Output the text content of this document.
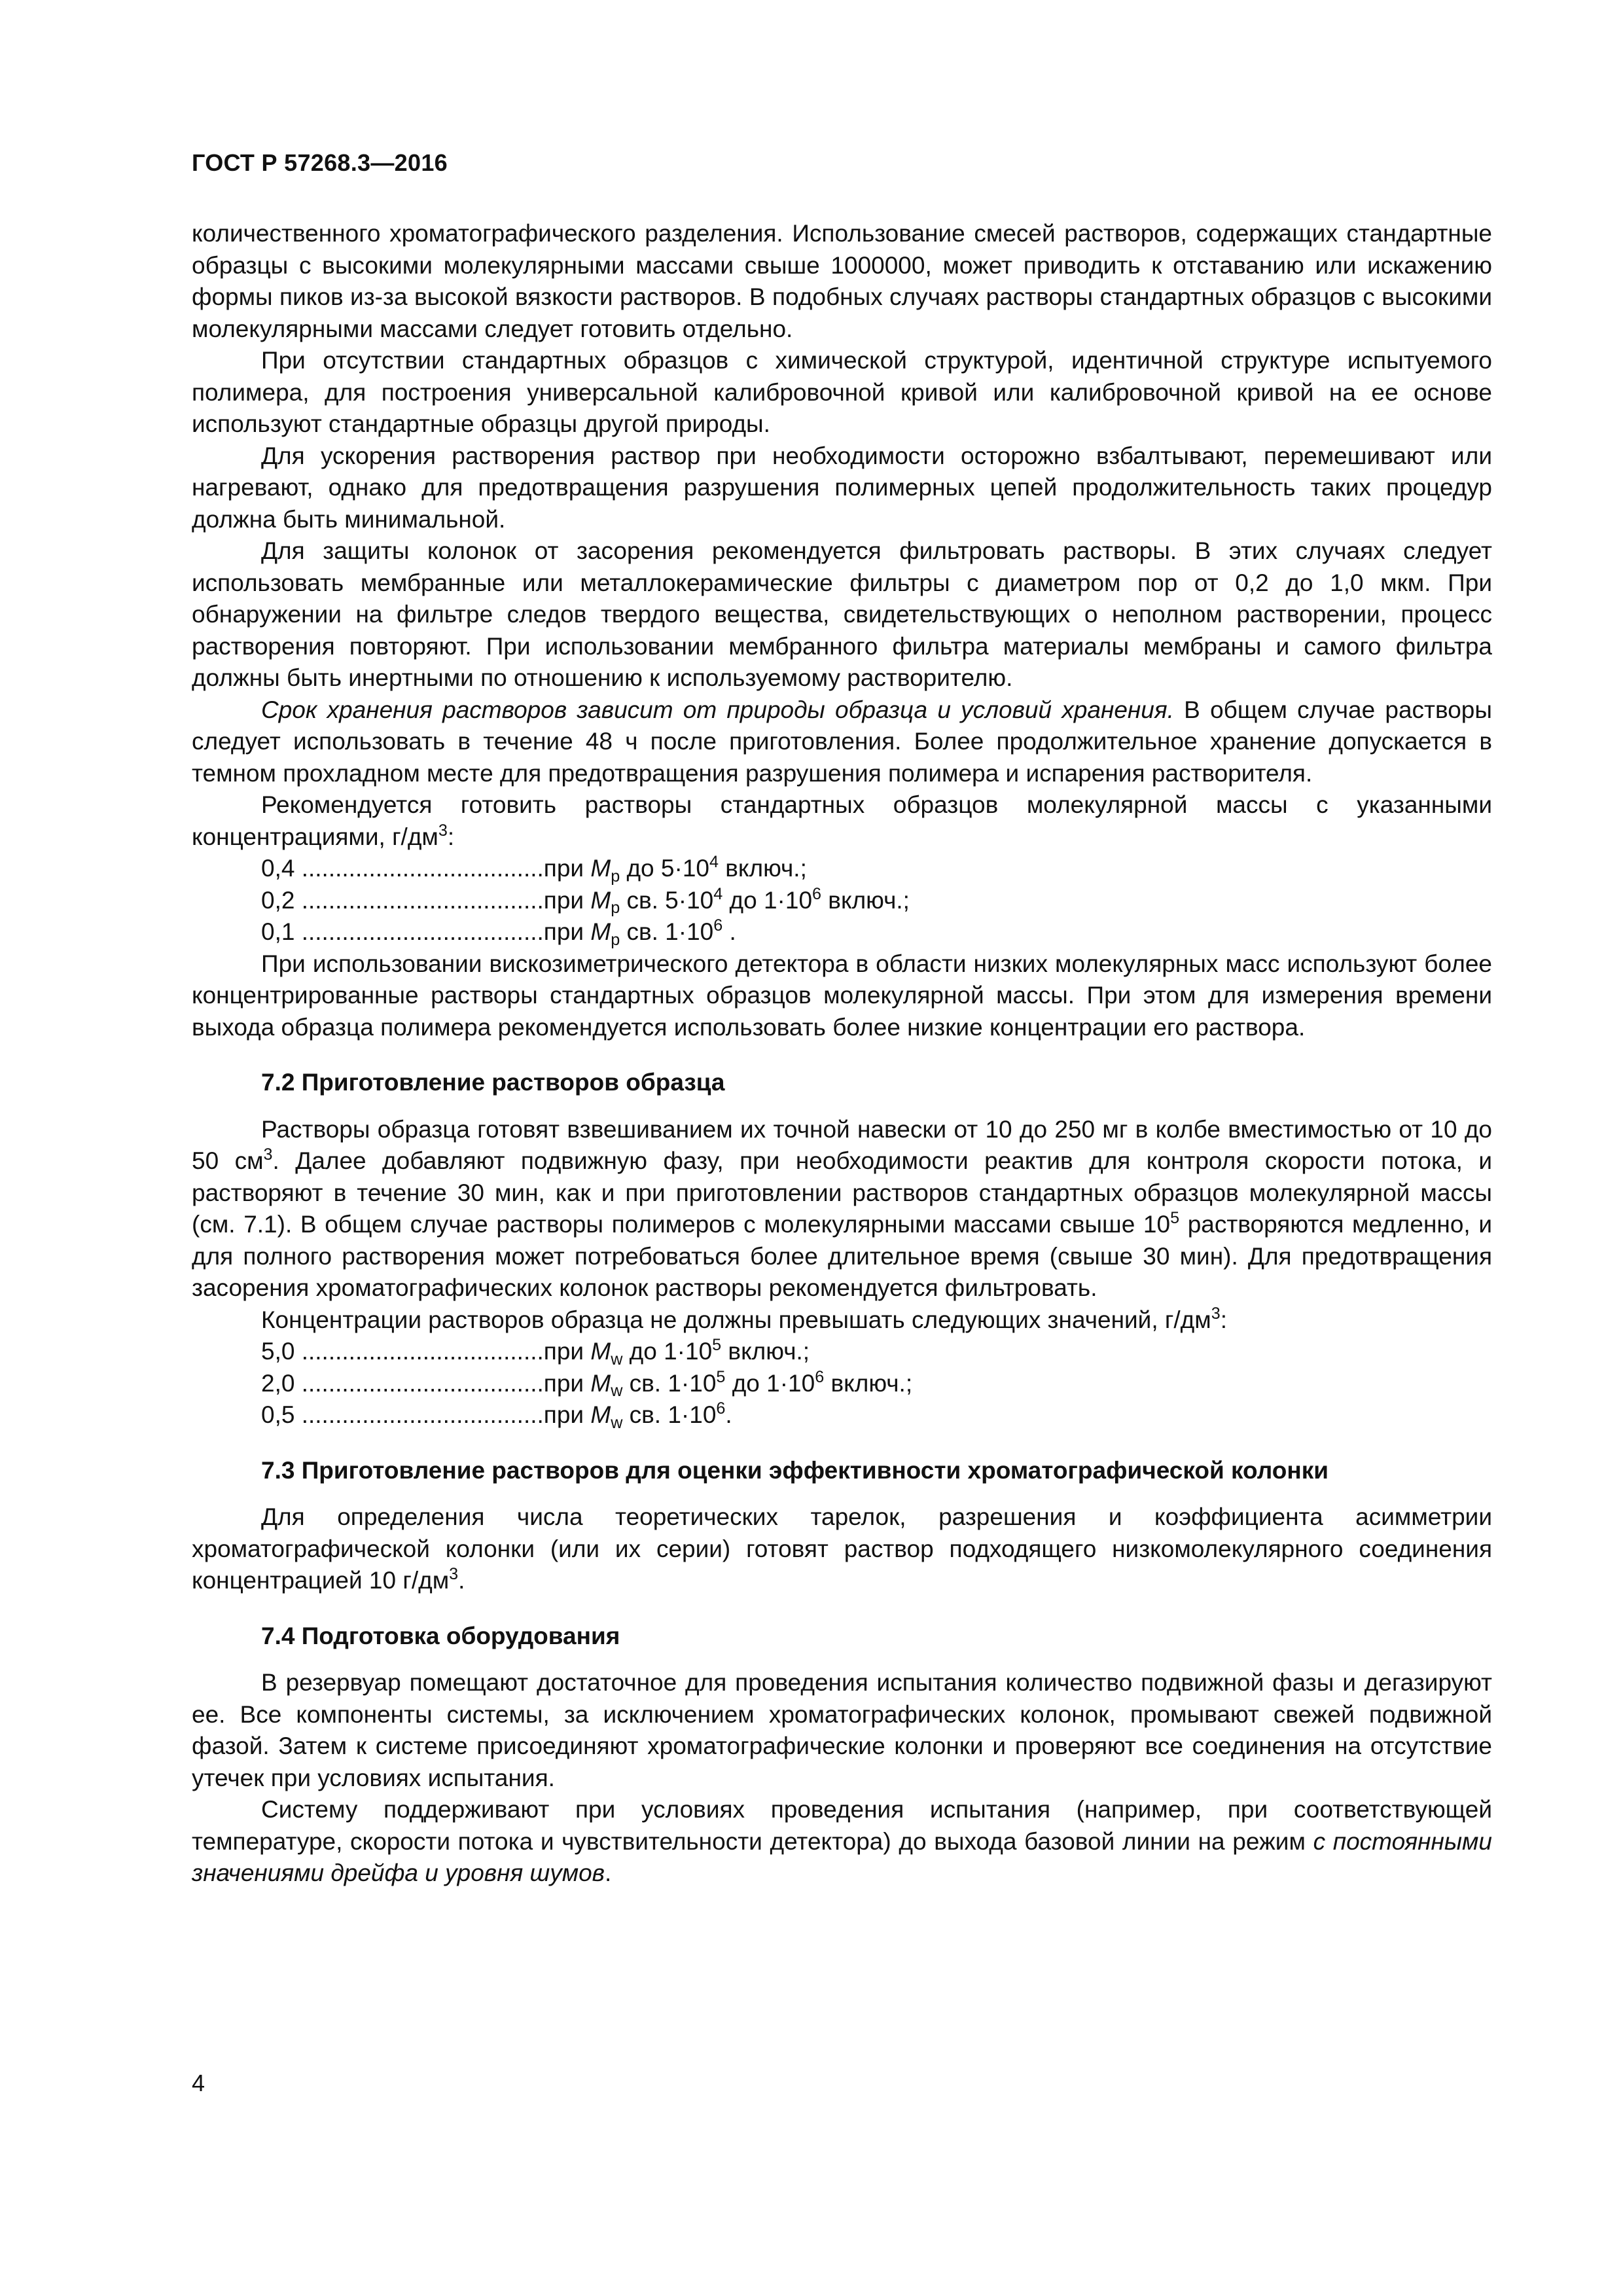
ГОСТ Р 57268.3—2016

количественного хроматографического разделения. Использование смесей растворов, содержащих стандартные образцы с высокими молекулярными массами свыше 1000000, может приводить к отставанию или искажению формы пиков из-за высокой вязкости растворов. В подобных случаях растворы стандартных образцов с высокими молекулярными массами следует готовить отдельно.

При отсутствии стандартных образцов с химической структурой, идентичной структуре испытуемого полимера, для построения универсальной калибровочной кривой или калибровочной кривой на ее основе используют стандартные образцы другой природы.

Для ускорения растворения раствор при необходимости осторожно взбалтывают, перемешивают или нагревают, однако для предотвращения разрушения полимерных цепей продолжительность таких процедур должна быть минимальной.

Для защиты колонок от засорения рекомендуется фильтровать растворы. В этих случаях следует использовать мембранные или металлокерамические фильтры с диаметром пор от 0,2 до 1,0 мкм. При обнаружении на фильтре следов твердого вещества, свидетельствующих о неполном растворении, процесс растворения повторяют. При использовании мембранного фильтра материалы мембраны и самого фильтра должны быть инертными по отношению к используемому растворителю.

Срок хранения растворов зависит от природы образца и условий хранения. В общем случае растворы следует использовать в течение 48 ч после приготовления. Более продолжительное хранение допускается в темном прохладном месте для предотвращения разрушения полимера и испарения растворителя.

Рекомендуется готовить растворы стандартных образцов молекулярной массы с указанными концентрациями, $г/дм^3$:

0,4 ....................................при $M_p$ до $5\cdot 10^4$ включ.;

0,2 ....................................при $M_p$ св. $5\cdot 10^4$ до $1\cdot 10^6$ включ.;

0,1 ....................................при $M_p$ св. $1\cdot 10^6$ .

При использовании вискозиметрического детектора в области низких молекулярных масс используют более концентрированные растворы стандартных образцов молекулярной массы. При этом для измерения времени выхода образца полимера рекомендуется использовать более низкие концентрации его раствора.

7.2 Приготовление растворов образца

Растворы образца готовят взвешиванием их точной навески от 10 до 250 мг в колбе вместимостью от 10 до 50 $см^3$. Далее добавляют подвижную фазу, при необходимости реактив для контроля скорости потока, и растворяют в течение 30 мин, как и при приготовлении растворов стандартных образцов молекулярной массы (см. 7.1). В общем случае растворы полимеров с молекулярными массами свыше $10^5$ растворяются медленно, и для полного растворения может потребоваться более длительное время (свыше 30 мин). Для предотвращения засорения хроматографических колонок растворы рекомендуется фильтровать.

Концентрации растворов образца не должны превышать следующих значений, $г/дм^3$:

5,0 ....................................при $M_w$ до $1\cdot 10^5$ включ.;

2,0 ....................................при $M_w$ св. $1\cdot 10^5$ до $1\cdot 10^6$ включ.;

0,5 ....................................при $M_w$ св. $1\cdot 10^6$.

7.3 Приготовление растворов для оценки эффективности хроматографической колонки

Для определения числа теоретических тарелок, разрешения и коэффициента асимметрии хроматографической колонки (или их серии) готовят раствор подходящего низкомолекулярного соединения концентрацией 10 $г/дм^3$.

7.4 Подготовка оборудования

В резервуар помещают достаточное для проведения испытания количество подвижной фазы и дегазируют ее. Все компоненты системы, за исключением хроматографических колонок, промывают свежей подвижной фазой. Затем к системе присоединяют хроматографические колонки и проверяют все соединения на отсутствие утечек при условиях испытания.

Систему поддерживают при условиях проведения испытания (например, при соответствующей температуре, скорости потока и чувствительности детектора) до выхода базовой линии на режим с постоянными значениями дрейфа и уровня шумов.

4
